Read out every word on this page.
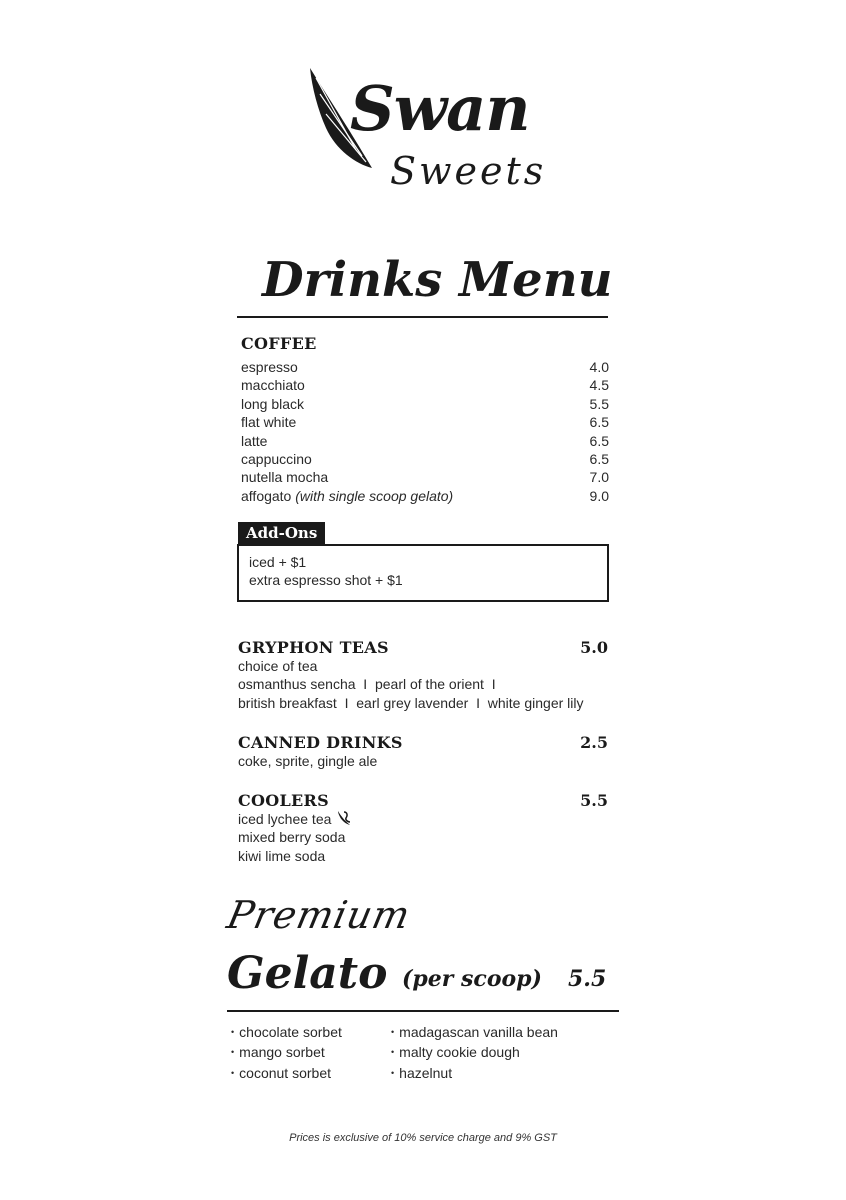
Swan
Sweets
Drinks Menu
COFFEE
espresso	4.0
macchiato	4.5
long black	5.5
flat white	6.5
latte	6.5
cappuccino	6.5
nutella mocha	7.0
affogato (with single scoop gelato)	9.0
Add-Ons
iced + $1
extra espresso shot + $1
GRYPHON TEAS	5.0
choice of tea
osmanthus sencha  I  pearl of the orient  I
british breakfast  I  earl grey lavender  I  white ginger lily
CANNED DRINKS	2.5
coke, sprite, gingle ale
COOLERS	5.5
iced lychee tea
mixed berry soda
kiwi lime soda
Premium
Gelato (per scoop) 5.5
• chocolate sorbet
• mango sorbet
• coconut sorbet
• madagascan vanilla bean
• malty cookie dough
• hazelnut
Prices is exclusive of 10% service charge and 9% GST
